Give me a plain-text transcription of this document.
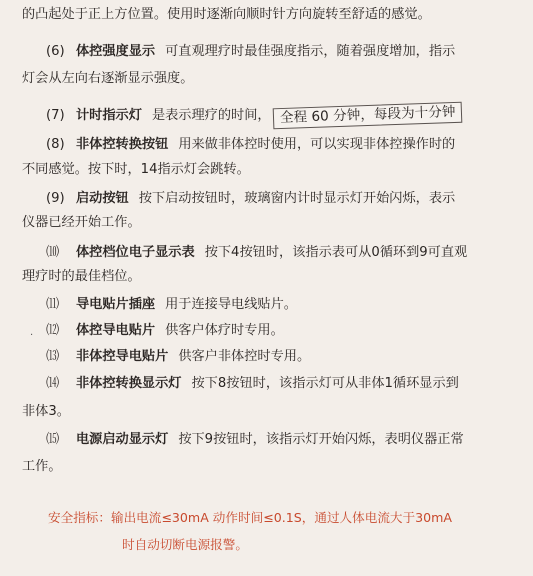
的凸起处于正上方位置。使用时逐渐向顺时针方向旋转至舒适的感觉。
(6) 体控强度显示 可直观理疗时最佳强度指示，随着强度增加，指示
灯会从左向右逐渐显示强度。
(7) 计时指示灯 是表示理疗的时间， 全程 60 分钟，每段为十分钟
(8) 非体控转换按钮 用来做非体控时使用，可以实现非体控操作时的
不同感觉。按下时，14指示灯会跳转。
(9) 启动按钮 按下启动按钮时，玻璃窗内计时显示灯开始闪烁，表示
仪器已经开始工作。
⑽ 体控档位电子显示表 按下4按钮时，该指示表可从0循环到9可直观
理疗时的最佳档位。
⑾ 导电贴片插座 用于连接导电线贴片。
· ⑿ 体控导电贴片 供客户体疗时专用。
⒀ 非体控导电贴片 供客户非体控时专用。
⒁ 非体控转换显示灯 按下8按钮时，该指示灯可从非体1循环显示到
非体3。
⒂ 电源启动显示灯 按下9按钮时，该指示灯开始闪烁，表明仪器正常
工作。
安全指标：输出电流≤30mA 动作时间≤0.1S，通过人体电流大于30mA
时自动切断电源报警。
